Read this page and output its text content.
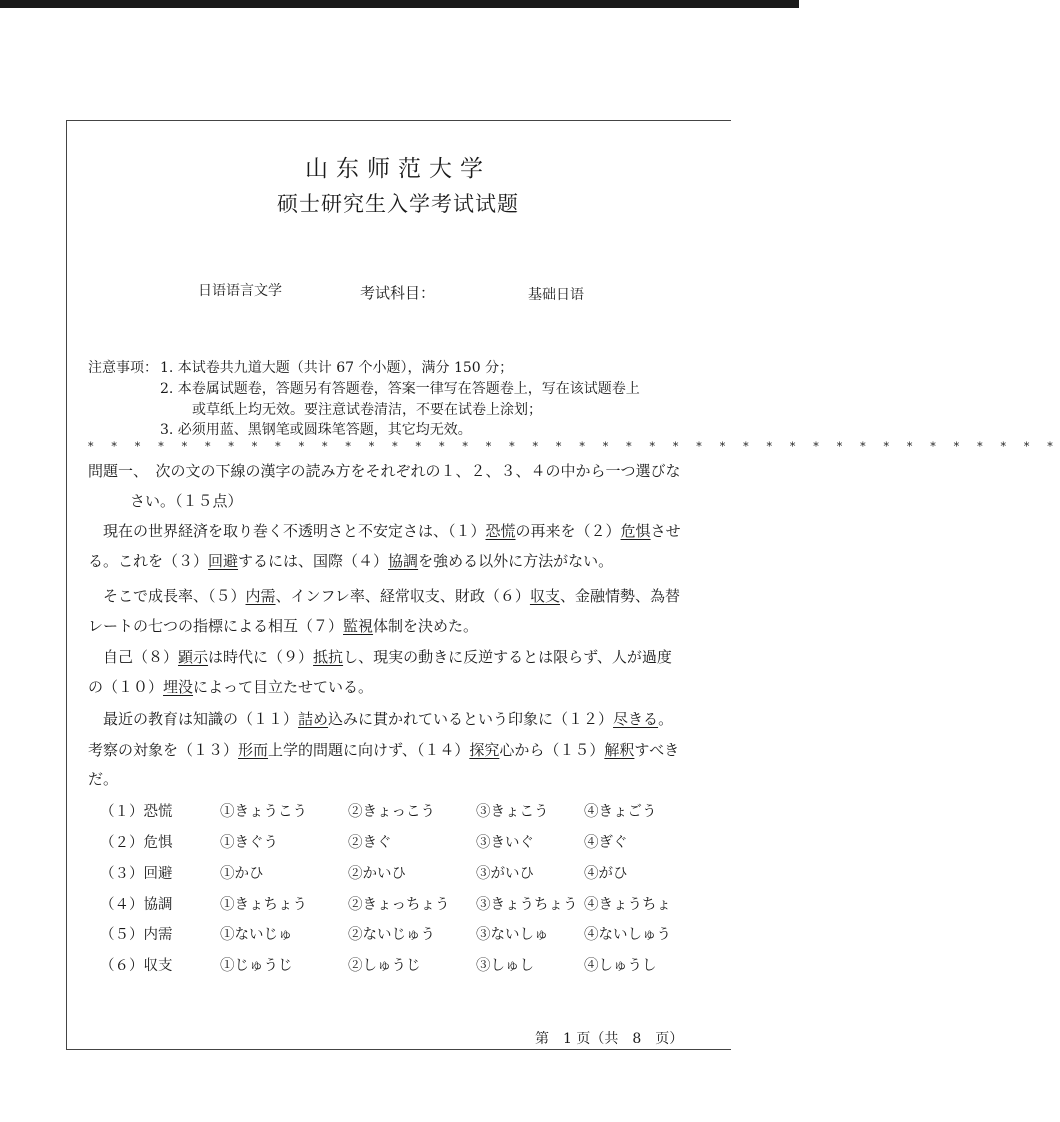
山东师范大学
硕士研究生入学考试试题
日语语言文学	考试科目：	基础日语
注意事项： 1. 本试卷共九道大题（共计 67 个小题），满分 150 分；
2. 本卷属试题卷，答题另有答题卷，答案一律写在答题卷上，写在该试题卷上
或草纸上均无效。要注意试卷清洁，不要在试卷上涂划；
3. 必须用蓝、黑钢笔或圆珠笔答题，其它均无效。
* * * * * * * * * * * * * * * * * * * * * * * * * * * * * * * * * * * * * * * * * *
問題一、　次の文の下線の漢字の読み方をそれぞれの１、２、３、４の中から一つ選びな
さい。（１５点）
　現在の世界経済を取り巻く不透明さと不安定さは、（１）恐慌の再来を（２）危惧させ
る。これを（３）回避するには、国際（４）協調を強める以外に方法がない。
　そこで成長率、（５）内需、インフレ率、経常収支、財政（６）収支、金融情勢、為替
レートの七つの指標による相互（７）監視体制を決めた。
　自己（８）顕示は時代に（９）抵抗し、現実の動きに反逆するとは限らず、人が過度
の（１０）埋没によって目立たせている。
　最近の教育は知識の（１１）詰め込みに貫かれているという印象に（１２）尽きる。
考察の対象を（１３）形而上学的問題に向けず、（１４）探究心から（１５）解釈すべき
だ。
（１）恐慌	①きょうこう	②きょっこう	③きょこう ④きょごう
（２）危惧	①きぐう	②きぐ	③きいぐ	④ぎぐ
（３）回避	①かひ	②かいひ	③がいひ	④がひ
（４）協調	①きょちょう	②きょっちょう ③きょうちょう ④きょうちょ
（５）内需	①ないじゅ	②ないじゅう	③ないしゅ ④ないしゅう
（６）収支	①じゅうじ	②しゅうじ	③しゅし	④しゅうし
第　1 页（共　8　页）
